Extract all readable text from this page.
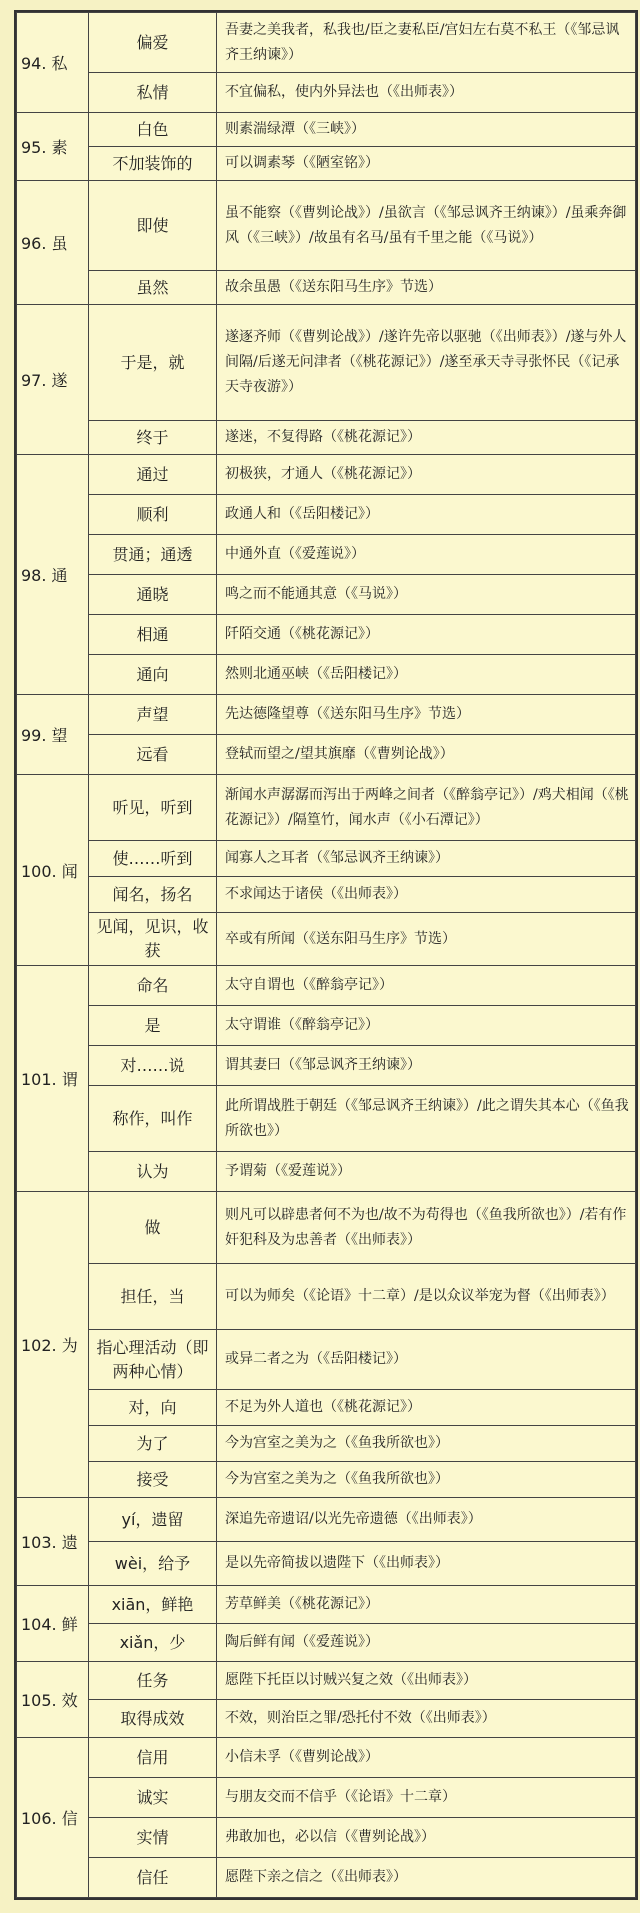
94. 私	偏爱	吾妻之美我者，私我也/臣之妻私臣/宫妇左右莫不私王（《邹忌讽齐王纳谏》）
	私情	不宜偏私，使内外异法也（《出师表》）
95. 素	白色	则素湍绿潭（《三峡》）
	不加装饰的	可以调素琴（《陋室铭》）
96. 虽	即使	虽不能察（《曹刿论战》）/虽欲言（《邹忌讽齐王纳谏》）/虽乘奔御风（《三峡》）/故虽有名马/虽有千里之能（《马说》）
	虽然	故余虽愚（《送东阳马生序》节选）
97. 遂	于是，就	遂逐齐师（《曹刿论战》）/遂许先帝以驱驰（《出师表》）/遂与外人间隔/后遂无问津者（《桃花源记》）/遂至承天寺寻张怀民（《记承天寺夜游》）
	终于	遂迷，不复得路（《桃花源记》）
98. 通	通过	初极狭，才通人（《桃花源记》）
	顺利	政通人和（《岳阳楼记》）
	贯通；通透	中通外直（《爱莲说》）
	通晓	鸣之而不能通其意（《马说》）
	相通	阡陌交通（《桃花源记》）
	通向	然则北通巫峡（《岳阳楼记》）
99. 望	声望	先达德隆望尊（《送东阳马生序》节选）
	远看	登轼而望之/望其旗靡（《曹刿论战》）
100. 闻	听见，听到	渐闻水声潺潺而泻出于两峰之间者（《醉翁亭记》）/鸡犬相闻（《桃花源记》）/隔篁竹，闻水声（《小石潭记》）
	使……听到	闻寡人之耳者（《邹忌讽齐王纳谏》）
	闻名，扬名	不求闻达于诸侯（《出师表》）
	见闻，见识，收获	卒或有所闻（《送东阳马生序》节选）
101. 谓	命名	太守自谓也（《醉翁亭记》）
	是	太守谓谁（《醉翁亭记》）
	对……说	谓其妻曰（《邹忌讽齐王纳谏》）
	称作，叫作	此所谓战胜于朝廷（《邹忌讽齐王纳谏》）/此之谓失其本心（《鱼我所欲也》）
	认为	予谓菊（《爱莲说》）
102. 为	做	则凡可以辟患者何不为也/故不为苟得也（《鱼我所欲也》）/若有作奸犯科及为忠善者（《出师表》）
	担任，当	可以为师矣（《论语》十二章）/是以众议举宠为督（《出师表》）
	指心理活动（即两种心情）	或异二者之为（《岳阳楼记》）
	对，向	不足为外人道也（《桃花源记》）
	为了	今为宫室之美为之（《鱼我所欲也》）
	接受	今为宫室之美为之（《鱼我所欲也》）
103. 遗	yí，遗留	深追先帝遗诏/以光先帝遗德（《出师表》）
	wèi，给予	是以先帝简拔以遗陛下（《出师表》）
104. 鲜	xiān，鲜艳	芳草鲜美（《桃花源记》）
	xiǎn，少	陶后鲜有闻（《爱莲说》）
105. 效	任务	愿陛下托臣以讨贼兴复之效（《出师表》）
	取得成效	不效，则治臣之罪/恐托付不效（《出师表》）
106. 信	信用	小信未孚（《曹刿论战》）
	诚实	与朋友交而不信乎（《论语》十二章）
	实情	弗敢加也，必以信（《曹刿论战》）
	信任	愿陛下亲之信之（《出师表》）
